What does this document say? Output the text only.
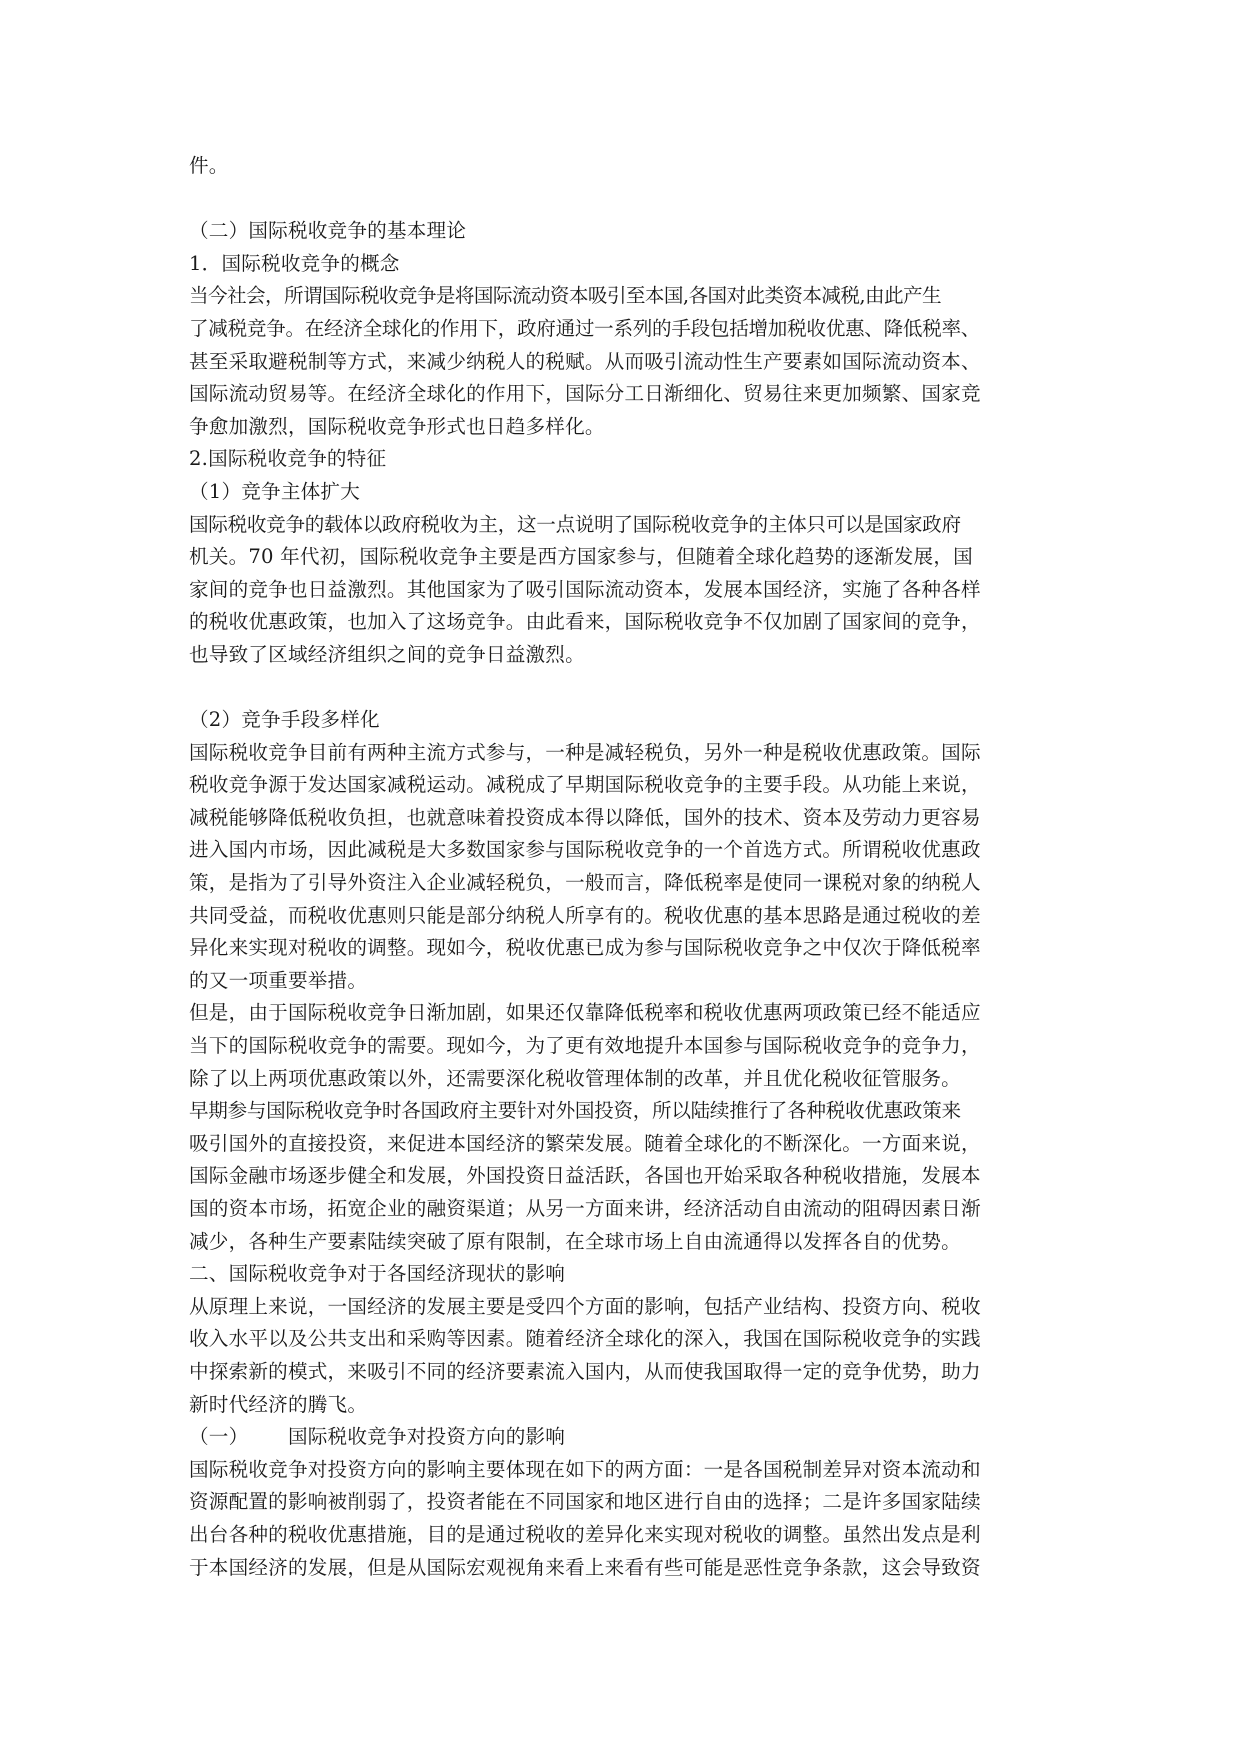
件。
（二）国际税收竞争的基本理论
1．国际税收竞争的概念
当今社会，所谓国际税收竞争是将国际流动资本吸引至本国,各国对此类资本减税,由此产生
了减税竞争。在经济全球化的作用下，政府通过一系列的手段包括增加税收优惠、降低税率、
甚至采取避税制等方式，来减少纳税人的税赋。从而吸引流动性生产要素如国际流动资本、
国际流动贸易等。在经济全球化的作用下，国际分工日渐细化、贸易往来更加频繁、国家竞
争愈加激烈，国际税收竞争形式也日趋多样化。
2.国际税收竞争的特征
（1）竞争主体扩大
国际税收竞争的载体以政府税收为主，这一点说明了国际税收竞争的主体只可以是国家政府
机关。70 年代初，国际税收竞争主要是西方国家参与，但随着全球化趋势的逐渐发展，国
家间的竞争也日益激烈。其他国家为了吸引国际流动资本，发展本国经济，实施了各种各样
的税收优惠政策，也加入了这场竞争。由此看来，国际税收竞争不仅加剧了国家间的竞争，
也导致了区域经济组织之间的竞争日益激烈。
（2）竞争手段多样化
国际税收竞争目前有两种主流方式参与，一种是减轻税负，另外一种是税收优惠政策。国际
税收竞争源于发达国家减税运动。减税成了早期国际税收竞争的主要手段。从功能上来说，
减税能够降低税收负担，也就意味着投资成本得以降低，国外的技术、资本及劳动力更容易
进入国内市场，因此减税是大多数国家参与国际税收竞争的一个首选方式。所谓税收优惠政
策，是指为了引导外资注入企业减轻税负，一般而言，降低税率是使同一课税对象的纳税人
共同受益，而税收优惠则只能是部分纳税人所享有的。税收优惠的基本思路是通过税收的差
异化来实现对税收的调整。现如今，税收优惠已成为参与国际税收竞争之中仅次于降低税率
的又一项重要举措。
但是，由于国际税收竞争日渐加剧，如果还仅靠降低税率和税收优惠两项政策已经不能适应
当下的国际税收竞争的需要。现如今，为了更有效地提升本国参与国际税收竞争的竞争力，
除了以上两项优惠政策以外，还需要深化税收管理体制的改革，并且优化税收征管服务。
早期参与国际税收竞争时各国政府主要针对外国投资，所以陆续推行了各种税收优惠政策来
吸引国外的直接投资，来促进本国经济的繁荣发展。随着全球化的不断深化。一方面来说，
国际金融市场逐步健全和发展，外国投资日益活跃，各国也开始采取各种税收措施，发展本
国的资本市场，拓宽企业的融资渠道；从另一方面来讲，经济活动自由流动的阻碍因素日渐
减少，各种生产要素陆续突破了原有限制，在全球市场上自由流通得以发挥各自的优势。
二、国际税收竞争对于各国经济现状的影响
从原理上来说，一国经济的发展主要是受四个方面的影响，包括产业结构、投资方向、税收
收入水平以及公共支出和采购等因素。随着经济全球化的深入，我国在国际税收竞争的实践
中探索新的模式，来吸引不同的经济要素流入国内，从而使我国取得一定的竞争优势，助力
新时代经济的腾飞。
（一）  国际税收竞争对投资方向的影响
国际税收竞争对投资方向的影响主要体现在如下的两方面：一是各国税制差异对资本流动和
资源配置的影响被削弱了，投资者能在不同国家和地区进行自由的选择；二是许多国家陆续
出台各种的税收优惠措施，目的是通过税收的差异化来实现对税收的调整。虽然出发点是利
于本国经济的发展，但是从国际宏观视角来看上来看有些可能是恶性竞争条款，这会导致资
